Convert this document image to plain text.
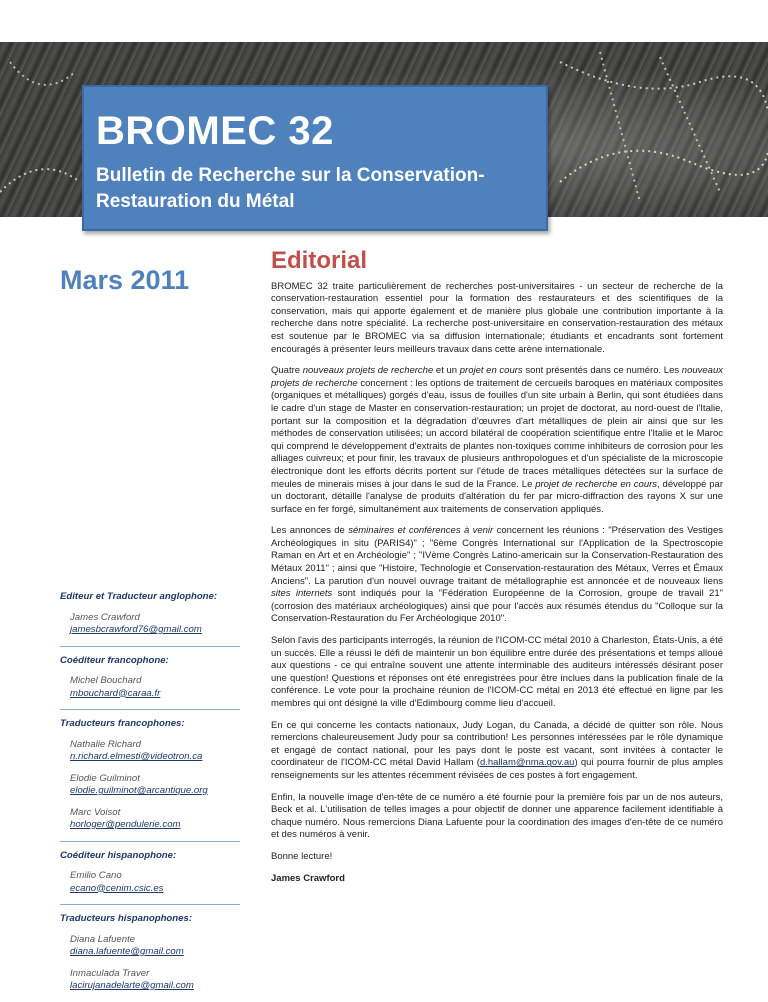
BROMEC 32
Bulletin de Recherche sur la Conservation-Restauration du Métal
Mars 2011
Editeur et Traducteur anglophone:
James Crawford
jamesbcrawford76@gmail.com
Coéditeur francophone:
Michel Bouchard
mbouchard@caraa.fr
Traducteurs francophones:
Nathalie Richard
n.richard.elmesti@videotron.ca
Elodie Guilminot
elodie.guilminot@arcantique.org
Marc Voisot
horloger@pendulerie.com
Coéditeur hispanophone:
Emilio Cano
ecano@cenim.csic.es
Traducteurs hispanophones:
Diana Lafuente
diana.lafuente@gmail.com
Inmaculada Traver
lacirujanadelarte@gmail.com
Editorial

BROMEC 32 traite particulièrement de recherches post-universitaires - un secteur de recherche de la conservation-restauration essentiel pour la formation des restaurateurs et des scientifiques de la conservation, mais qui apporte également et de manière plus globale une contribution importante à la recherche dans notre spécialité. La recherche post-universitaire en conservation-restauration des métaux est soutenue par le BROMEC via sa diffusion internationale; étudiants et encadrants sont fortement encouragés à présenter leurs meilleurs travaux dans cette arène internationale.

Quatre nouveaux projets de recherche et un projet en cours sont présentés dans ce numéro. Les nouveaux projets de recherche concernent : les options de traitement de cercueils baroques en matériaux composites (organiques et métalliques) gorgés d'eau, issus de fouilles d'un site urbain à Berlin, qui sont étudiées dans le cadre d'un stage de Master en conservation-restauration; un projet de doctorat, au nord-ouest de l'Italie, portant sur la composition et la dégradation d'œuvres d'art métalliques de plein air ainsi que sur les méthodes de conservation utilisées; un accord bilatéral de coopération scientifique entre l'Italie et le Maroc qui comprend le développement d'extraits de plantes non-toxiques comme inhibiteurs de corrosion pour les alliages cuivreux; et pour finir, les travaux de plusieurs anthropologues et d'un spécialiste de la microscopie électronique dont les efforts décrits portent sur l'étude de traces métalliques détectées sur la surface de meules de minerais mises à jour dans le sud de la France. Le projet de recherche en cours, développé par un doctorant, détaille l'analyse de produits d'altération du fer par micro-diffraction des rayons X sur une surface en fer forgé, simultanément aux traitements de conservation appliqués.

Les annonces de séminaires et conférences à venir concernent les réunions : "Préservation des Vestiges Archéologiques in situ (PARIS4)" ; "6ème Congrès International sur l'Application de la Spectroscopie Raman en Art et en Archéologie" ; "IVème Congrès Latino-americain sur la Conservation-Restauration des Métaux 2011" ; ainsi que "Histoire, Technologie et Conservation-restauration des Métaux, Verres et Émaux Anciens". La parution d'un nouvel ouvrage traitant de métallographie est annoncée et de nouveaux liens sites internets sont indiqués pour la "Fédération Européenne de la Corrosion, groupe de travail 21" (corrosion des matériaux archéologiques) ainsi que pour l'accès aux résumés étendus du "Colloque sur la Conservation-Restauration du Fer Archéologique 2010".

Selon l'avis des participants interrogés, la réunion de l'ICOM-CC métal 2010 à Charleston, États-Unis, a été un succès. Elle a réussi le défi de maintenir un bon équilibre entre durée des présentations et temps alloué aux questions - ce qui entraîne souvent une attente interminable des auditeurs intéressés désirant poser une question! Questions et réponses ont été enregistrées pour être inclues dans la publication finale de la conférence. Le vote pour la prochaine réunion de l'ICOM-CC métal en 2013 été effectué en ligne par les membres qui ont désigné la ville d'Edimbourg comme lieu d'accueil.

En ce qui concerne les contacts nationaux, Judy Logan, du Canada, a décidé de quitter son rôle. Nous remercions chaleureusement Judy pour sa contribution! Les personnes intéressées par le rôle dynamique et engagé de contact national, pour les pays dont le poste est vacant, sont invitées à contacter le coordinateur de l'ICOM-CC métal David Hallam (d.hallam@nma.gov.au) qui pourra fournir de plus amples renseignements sur les attentes récemment révisées de ces postes à fort engagement.

Enfin, la nouvelle image d'en-tête de ce numéro a été fournie pour la première fois par un de nos auteurs, Beck et al. L'utilisation de telles images a pour objectif de donner une apparence facilement identifiable à chaque numéro. Nous remercions Diana Lafuente pour la coordination des images d'en-tête de ce numéro et des numéros à venir.

Bonne lecture!

James Crawford
